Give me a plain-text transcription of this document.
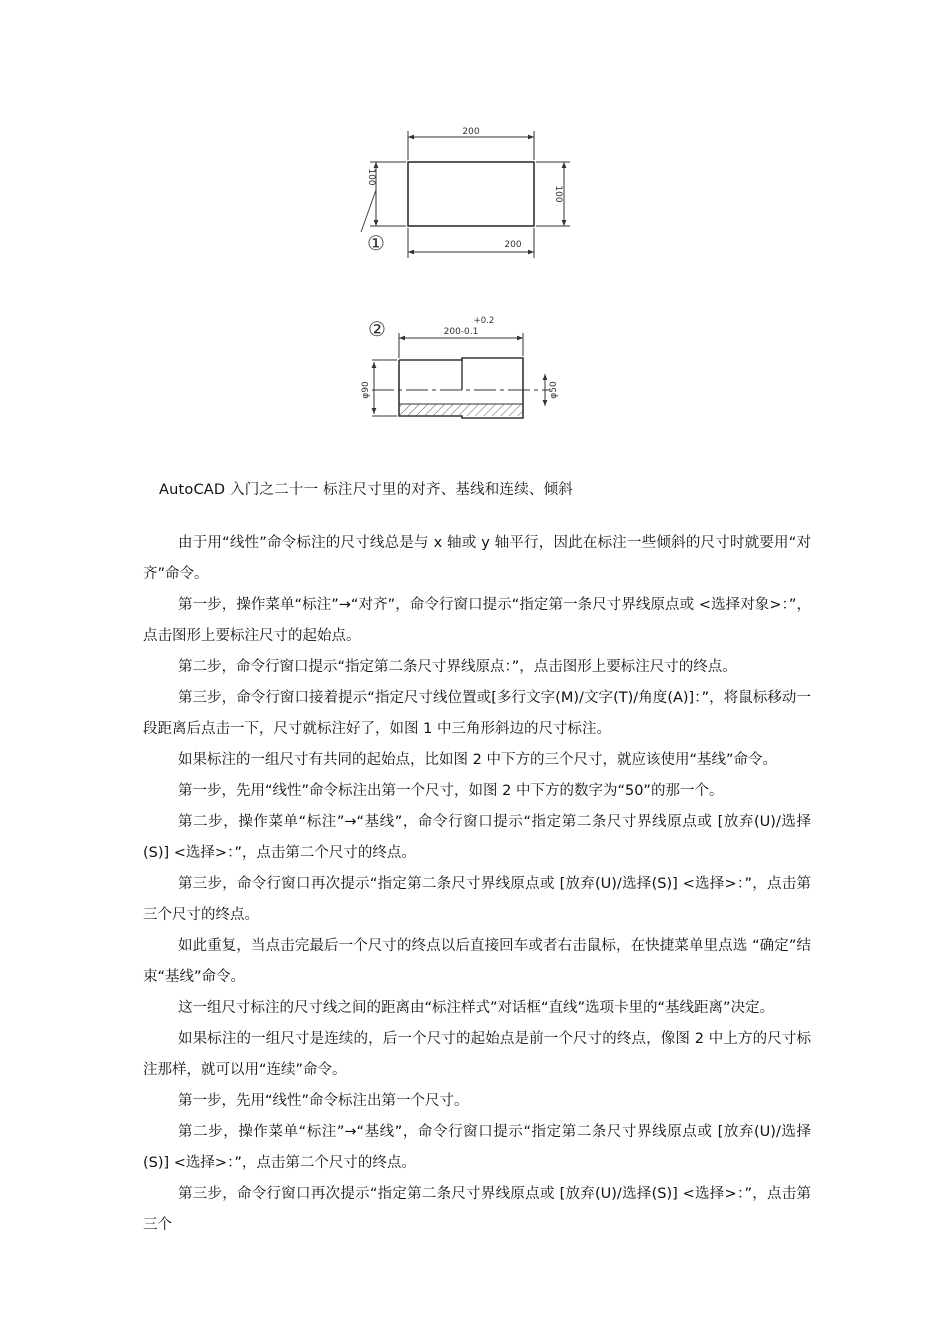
①
200
100
100
200
②	+0.2
200-0.1
φ90	φ50
AutoCAD 入门之二十一 标注尺寸里的对齐、基线和连续、倾斜

由于用“线性”命令标注的尺寸线总是与 x 轴或 y 轴平行，因此在标注一些倾斜的尺寸时就要用“对齐”命令。

第一步，操作菜单“标注”→“对齐”，命令行窗口提示“指定第一条尺寸界线原点或 <选择对象>：”，点击图形上要标注尺寸的起始点。

第二步，命令行窗口提示“指定第二条尺寸界线原点：”，点击图形上要标注尺寸的终点。

第三步，命令行窗口接着提示“指定尺寸线位置或[多行文字(M)/文字(T)/角度(A)]：”，将鼠标移动一段距离后点击一下，尺寸就标注好了，如图 1 中三角形斜边的尺寸标注。

如果标注的一组尺寸有共同的起始点，比如图 2 中下方的三个尺寸，就应该使用“基线”命令。

第一步，先用“线性”命令标注出第一个尺寸，如图 2 中下方的数字为“50”的那一个。

第二步，操作菜单“标注”→“基线”，命令行窗口提示“指定第二条尺寸界线原点或 [放弃(U)/选择(S)] <选择>：”，点击第二个尺寸的终点。

第三步，命令行窗口再次提示“指定第二条尺寸界线原点或 [放弃(U)/选择(S)] <选择>：”，点击第三个尺寸的终点。

如此重复，当点击完最后一个尺寸的终点以后直接回车或者右击鼠标，在快捷菜单里点选 “确定”结束“基线”命令。

这一组尺寸标注的尺寸线之间的距离由“标注样式”对话框“直线”选项卡里的“基线距离”决定。

如果标注的一组尺寸是连续的，后一个尺寸的起始点是前一个尺寸的终点，像图 2 中上方的尺寸标注那样，就可以用“连续”命令。

第一步，先用“线性”命令标注出第一个尺寸。

第二步，操作菜单“标注”→“基线”，命令行窗口提示“指定第二条尺寸界线原点或 [放弃(U)/选择(S)] <选择>：”，点击第二个尺寸的终点。

第三步，命令行窗口再次提示“指定第二条尺寸界线原点或 [放弃(U)/选择(S)] <选择>：”，点击第三个
